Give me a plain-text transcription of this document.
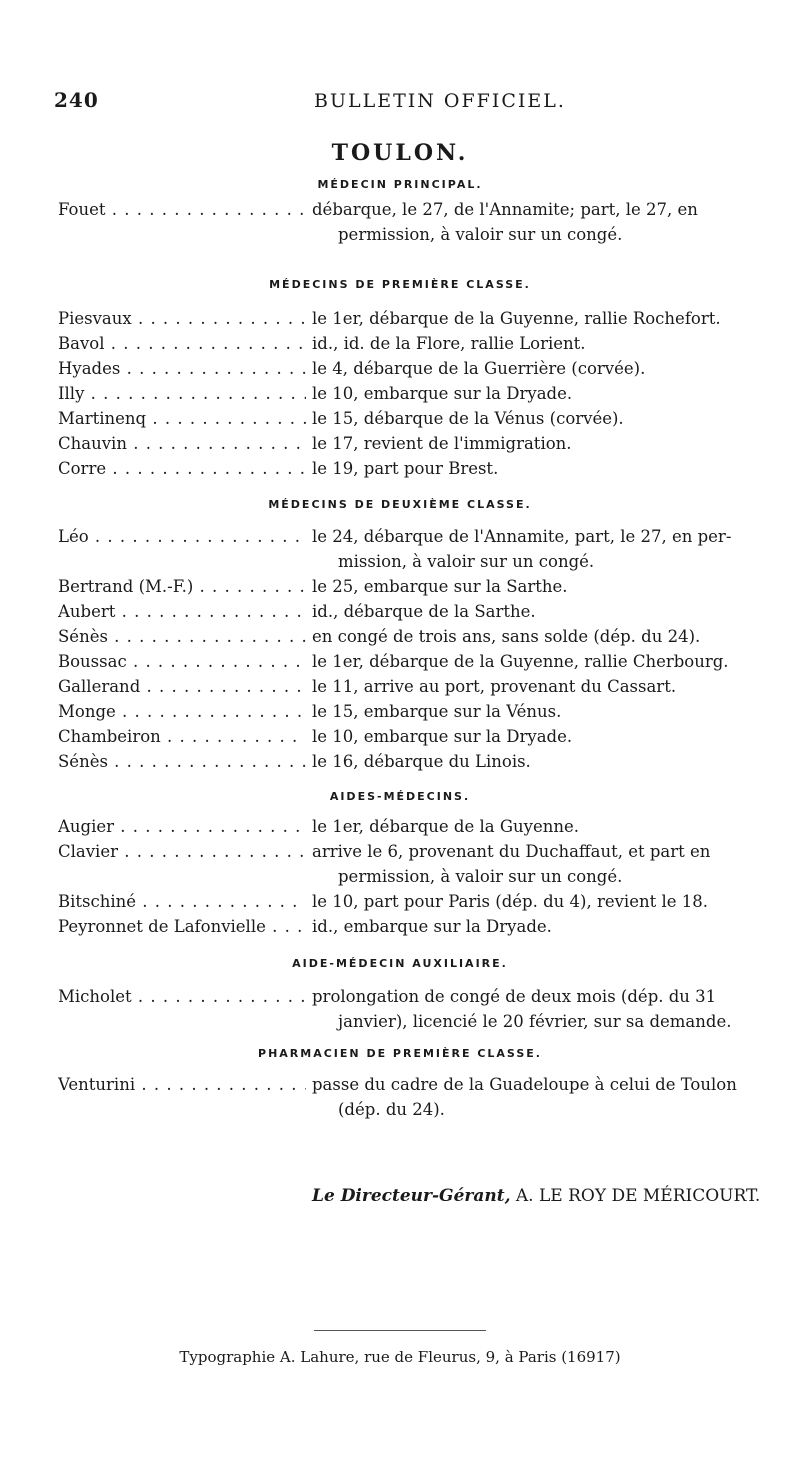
240	BULLETIN OFFICIEL.
TOULON.
MÉDECIN PRINCIPAL.
Fouet . . .	débarque, le 27, de l'Annamite; part, le 27, en
permission, à valoir sur un congé.
MÉDECINS DE PREMIÈRE CLASSE.
Piesvaux . . .	le 1er, débarque de la Guyenne, rallie Rochefort.
Bavol . . .	id., id. de la Flore, rallie Lorient.
Hyades . . .	le 4, débarque de la Guerrière (corvée).
Illy . . .	le 10, embarque sur la Dryade.
Martinenq . . .	le 15, débarque de la Vénus (corvée).
Chauvin . . .	le 17, revient de l'immigration.
Corre . . .	le 19, part pour Brest.
MÉDECINS DE DEUXIÈME CLASSE.
Léo . . .	le 24, débarque de l'Annamite, part, le 27, en per-
mission, à valoir sur un congé.
Bertrand (M.-F.) . . .	le 25, embarque sur la Sarthe.
Aubert . . .	id., débarque de la Sarthe.
Sénès . . .	en congé de trois ans, sans solde (dép. du 24).
Boussac . . .	le 1er, débarque de la Guyenne, rallie Cherbourg.
Gallerand . . .	le 11, arrive au port, provenant du Cassart.
Monge . . .	le 15, embarque sur la Vénus.
Chambeiron . . .	le 10, embarque sur la Dryade.
Sénès . . .	le 16, débarque du Linois.
AIDES-MÉDECINS.
Augier . . .	le 1er, débarque de la Guyenne.
Clavier . . .	arrive le 6, provenant du Duchaffaut, et part en
permission, à valoir sur un congé.
Bitschiné . . .	le 10, part pour Paris (dép. du 4), revient le 18.
Peyronnet de Lafonvielle . . .	id., embarque sur la Dryade.
AIDE-MÉDECIN AUXILIAIRE.
Micholet . . .	prolongation de congé de deux mois (dép. du 31
janvier), licencié le 20 février, sur sa demande.
PHARMACIEN DE PREMIÈRE CLASSE.
Venturini . . .	passe du cadre de la Guadeloupe à celui de Toulon
(dép. du 24).
Le Directeur-Gérant, A. LE ROY DE MÉRICOURT.
Typographie A. Lahure, rue de Fleurus, 9, à Paris (16917)
